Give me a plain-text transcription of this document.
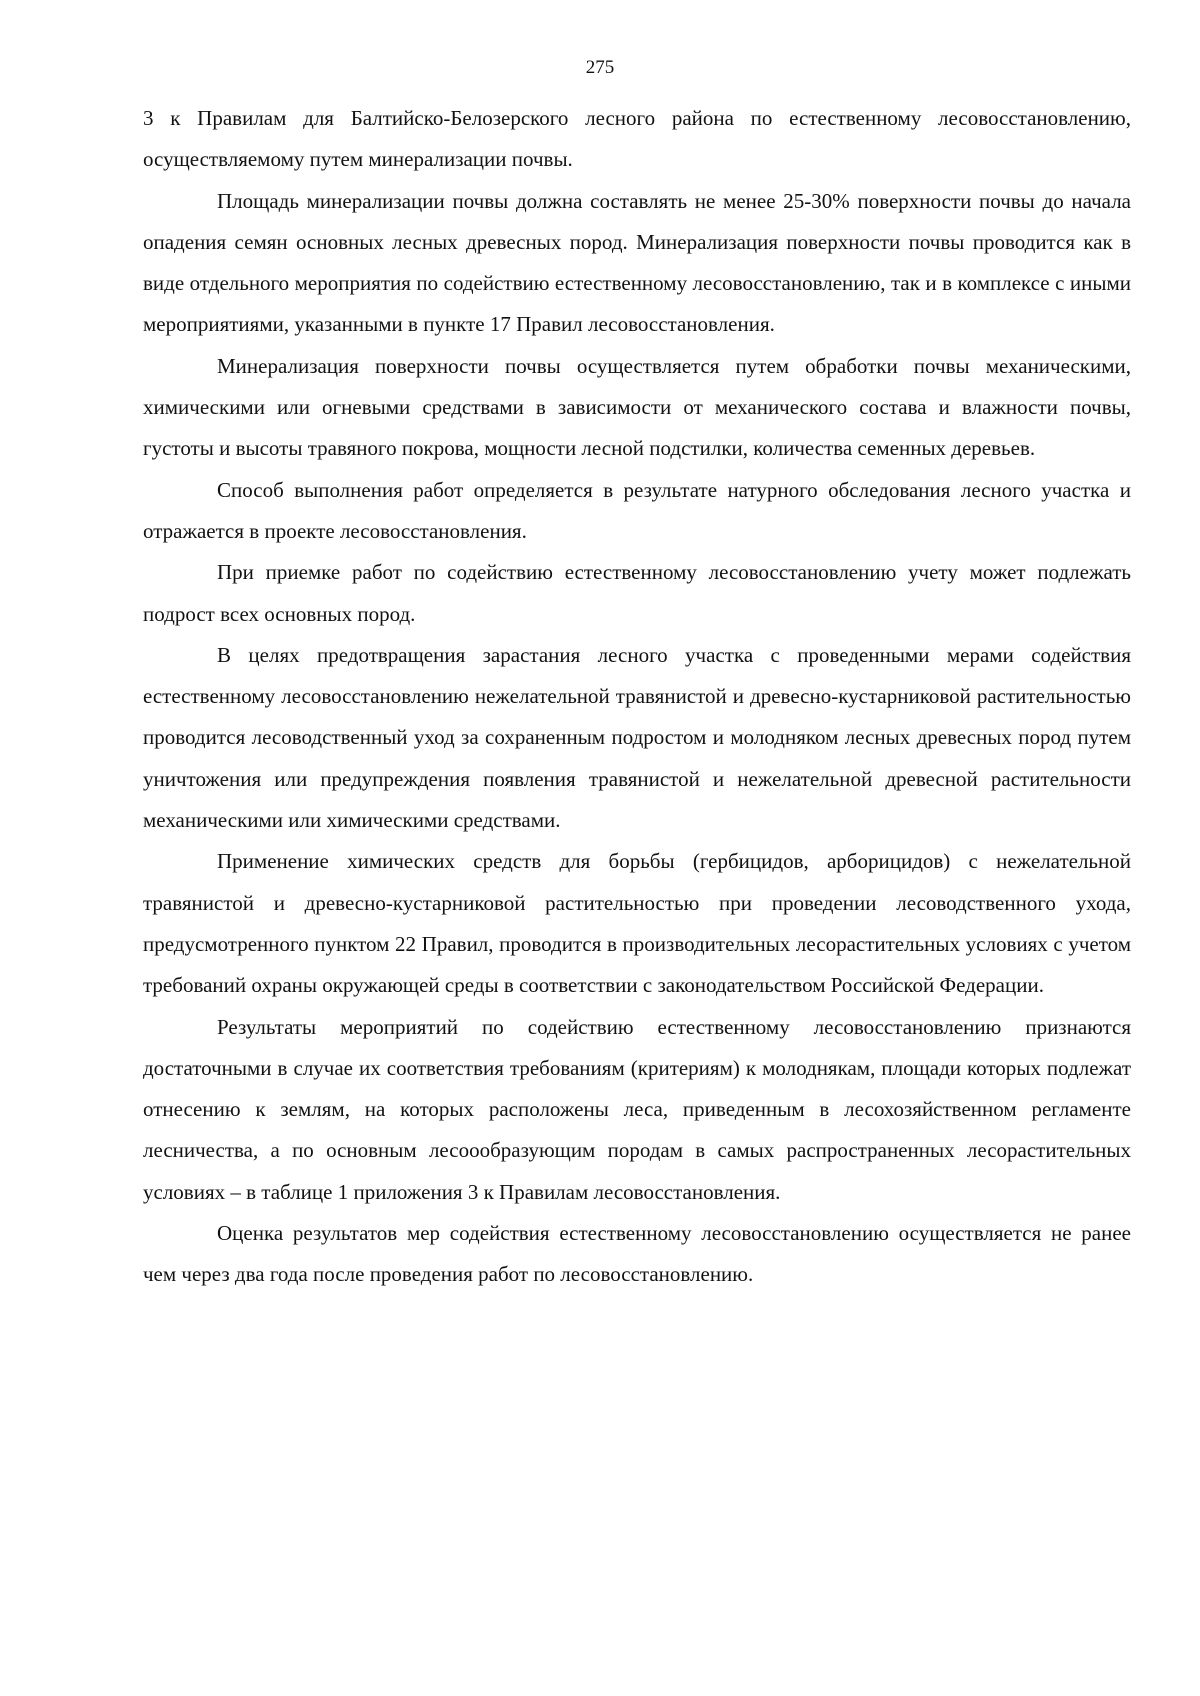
275

3 к Правилам для Балтийско-Белозерского лесного района по естественному лесовосстановлению, осуществляемому путем минерализации почвы.

Площадь минерализации почвы должна составлять не менее 25-30% поверхности почвы до начала опадения семян основных лесных древесных пород. Минерализация поверхности почвы проводится как в виде отдельного мероприятия по содействию естественному лесовосстановлению, так и в комплексе с иными мероприятиями, указанными в пункте 17 Правил лесовосстановления.

Минерализация поверхности почвы осуществляется путем обработки почвы механическими, химическими или огневыми средствами в зависимости от механического состава и влажности почвы, густоты и высоты травяного покрова, мощности лесной подстилки, количества семенных деревьев.

Способ выполнения работ определяется в результате натурного обследования лесного участка и отражается в проекте лесовосстановления.

При приемке работ по содействию естественному лесовосстановлению учету может подлежать подрост всех основных пород.

В целях предотвращения зарастания лесного участка с проведенными мерами содействия естественному лесовосстановлению нежелательной травянистой и древесно-кустарниковой растительностью проводится лесоводственный уход за сохраненным подростом и молодняком лесных древесных пород путем уничтожения или предупреждения появления травянистой и нежелательной древесной растительности механическими или химическими средствами.

Применение химических средств для борьбы (гербицидов, арборицидов) с нежелательной травянистой и древесно-кустарниковой растительностью при проведении лесоводственного ухода, предусмотренного пунктом 22 Правил, проводится в производительных лесорастительных условиях с учетом требований охраны окружающей среды в соответствии с законодательством Российской Федерации.

Результаты мероприятий по содействию естественному лесовосстановлению признаются достаточными в случае их соответствия требованиям (критериям) к молоднякам, площади которых подлежат отнесению к землям, на которых расположены леса, приведенным в лесохозяйственном регламенте лесничества, а по основным лесоообразующим породам в самых распространенных лесорастительных условиях – в таблице 1 приложения 3 к Правилам лесовосстановления.

Оценка результатов мер содействия естественному лесовосстановлению осуществляется не ранее чем через два года после проведения работ по лесовосстановлению.
